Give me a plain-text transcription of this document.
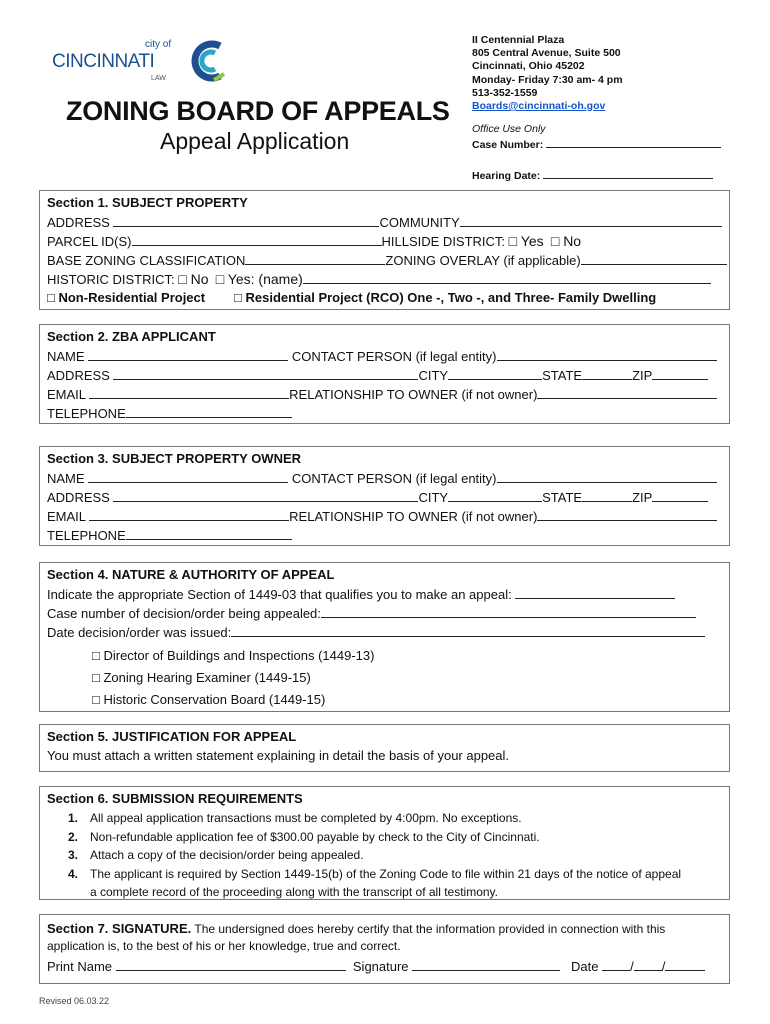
city of
CINCINNATI
LAW
II Centennial Plaza
805 Central Avenue, Suite 500
Cincinnati, Ohio 45202
Monday- Friday 7:30 am- 4 pm
513-352-1559
Boards@cincinnati-oh.gov
Office Use Only
Case Number:
Hearing Date:
ZONING BOARD OF APPEALS
Appeal Application
Section 1. SUBJECT PROPERTY
ADDRESS	COMMUNITY
PARCEL ID(S)	HILLSIDE DISTRICT: □ Yes □ No
BASE ZONING CLASSIFICATION	ZONING OVERLAY (if applicable)
HISTORIC DISTRICT: □ No □ Yes: (name)
□ Non-Residential Project □ Residential Project (RCO) One -, Two -, and Three- Family Dwelling
Section 2. ZBA APPLICANT
NAME	CONTACT PERSON (if legal entity)
ADDRESS	CITY	STATE	ZIP
EMAIL	RELATIONSHIP TO OWNER (if not owner)
TELEPHONE
Section 3. SUBJECT PROPERTY OWNER
NAME	CONTACT PERSON (if legal entity)
ADDRESS	CITY	STATE	ZIP
EMAIL	RELATIONSHIP TO OWNER (if not owner)
TELEPHONE
Section 4. NATURE & AUTHORITY OF APPEAL
Indicate the appropriate Section of 1449-03 that qualifies you to make an appeal:
Case number of decision/order being appealed:
Date decision/order was issued:
□ Director of Buildings and Inspections (1449-13)
□ Zoning Hearing Examiner (1449-15)
□ Historic Conservation Board (1449-15)
Section 5. JUSTIFICATION FOR APPEAL
You must attach a written statement explaining in detail the basis of your appeal.
Section 6. SUBMISSION REQUIREMENTS
1. All appeal application transactions must be completed by 4:00pm. No exceptions.
2. Non-refundable application fee of $300.00 payable by check to the City of Cincinnati.
3. Attach a copy of the decision/order being appealed.
4. The applicant is required by Section 1449-15(b) of the Zoning Code to file within 21 days of the notice of appeal
a complete record of the proceeding along with the transcript of all testimony.
Section 7. SIGNATURE. The undersigned does hereby certify that the information provided in connection with this
application is, to the best of his or her knowledge, true and correct.
Print Name	Signature	Date / /
Revised 06.03.22
